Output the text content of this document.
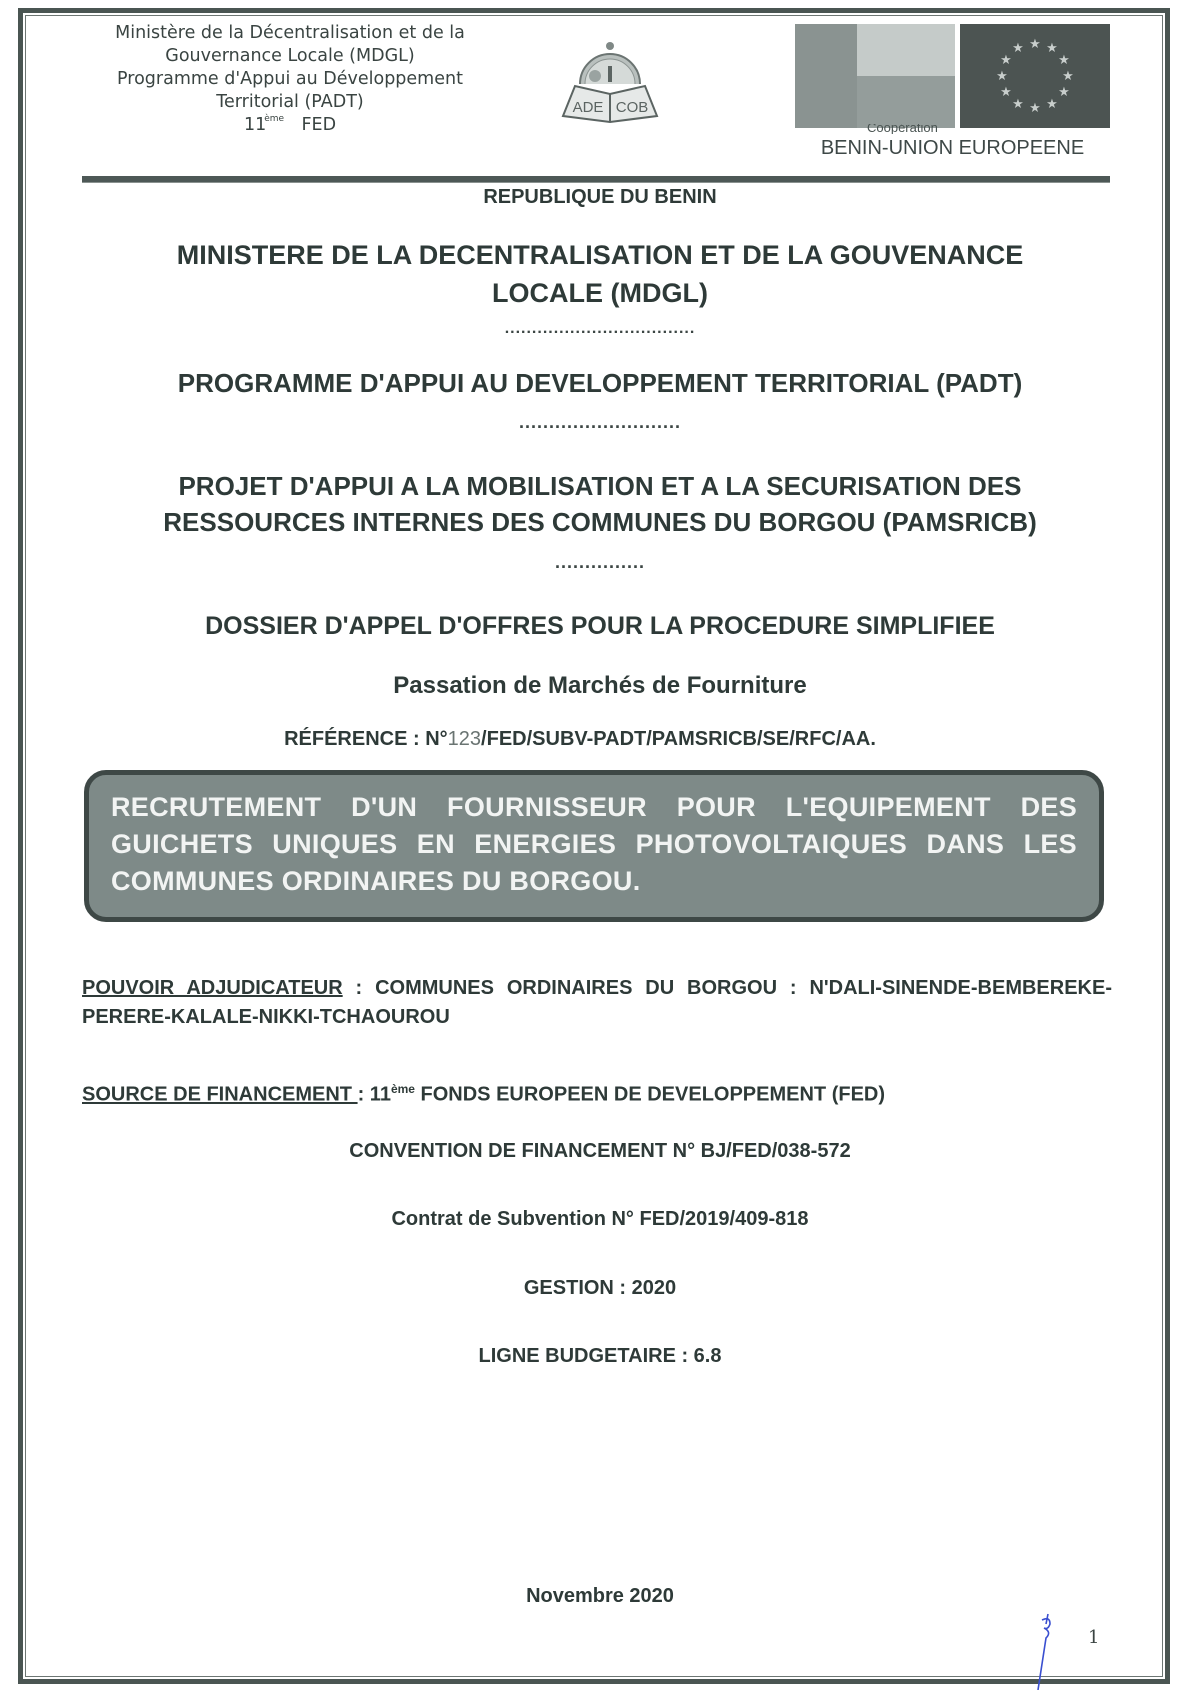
Ministère de la Décentralisation et de la
Gouvernance Locale (MDGL)
Programme d'Appui au Développement
Territorial (PADT)
11ème FED
ADE COB
★ ★
★
★
★
★
★
★
★
★
★
★
Coopération
BENIN-UNION EUROPEENE
REPUBLIQUE DU BENIN
MINISTERE DE LA DECENTRALISATION ET DE LA GOUVENANCE
LOCALE (MDGL)
...................................
PROGRAMME D'APPUI AU DEVELOPPEMENT TERRITORIAL (PADT)
...........................
PROJET D'APPUI A LA MOBILISATION ET A LA SECURISATION DES
RESSOURCES INTERNES DES COMMUNES DU BORGOU (PAMSRICB)
...............
DOSSIER D'APPEL D'OFFRES POUR LA PROCEDURE SIMPLIFIEE
Passation de Marchés de Fourniture
RÉFÉRENCE : N°123/FED/SUBV-PADT/PAMSRICB/SE/RFC/AA.
RECRUTEMENT D'UN FOURNISSEUR POUR L'EQUIPEMENT DES GUICHETS UNIQUES EN ENERGIES PHOTOVOLTAIQUES DANS LES COMMUNES ORDINAIRES DU BORGOU.
POUVOIR ADJUDICATEUR : COMMUNES ORDINAIRES DU BORGOU : N'DALI-SINENDE-BEMBEREKE-PERERE-KALALE-NIKKI-TCHAOUROU
SOURCE DE FINANCEMENT : 11ème FONDS EUROPEEN DE DEVELOPPEMENT (FED)
CONVENTION DE FINANCEMENT N° BJ/FED/038-572
Contrat de Subvention N° FED/2019/409-818
GESTION : 2020
LIGNE BUDGETAIRE : 6.8
Novembre 2020
1
